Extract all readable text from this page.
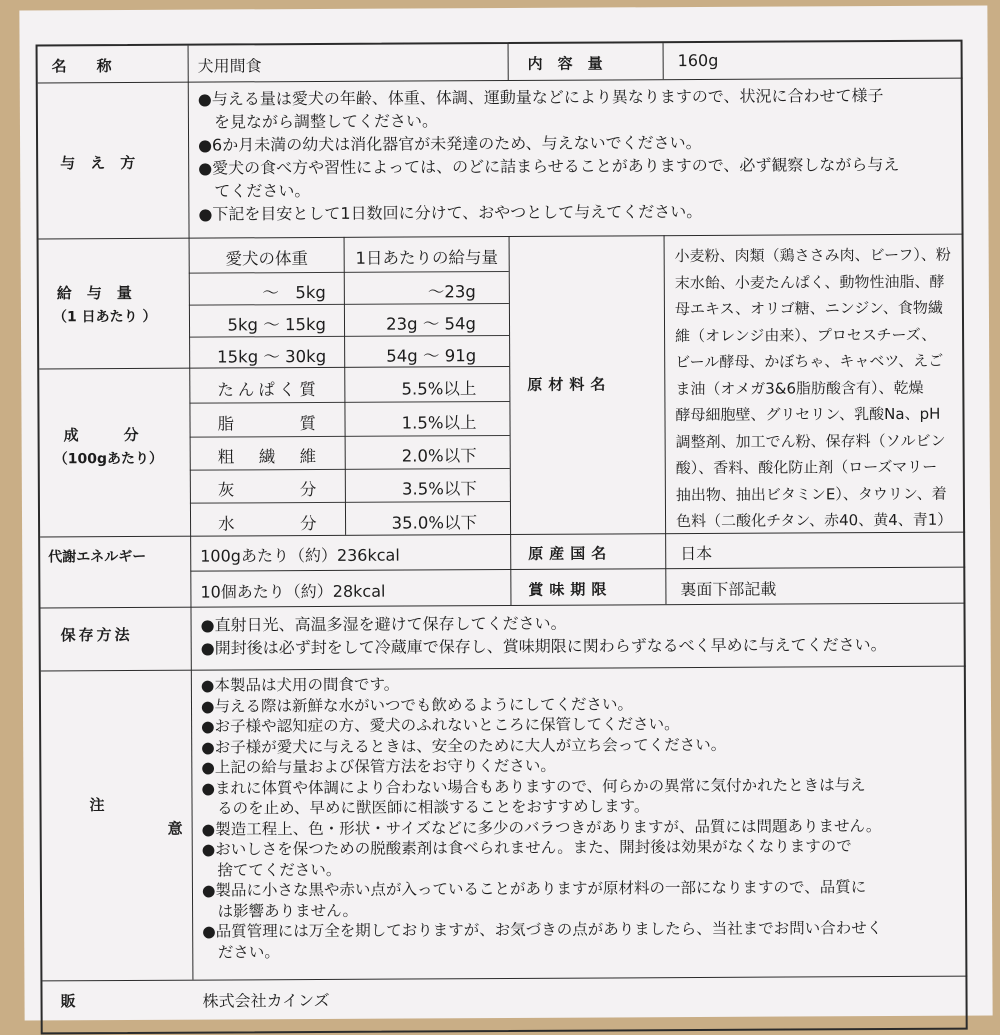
名　　称	犬用間食	内　容　量	160g
与　え　方
●与える量は愛犬の年齢、体重、体調、運動量などにより異なりますので、状況に合わせて様子
　を見ながら調整してください。
●6か月未満の幼犬は消化器官が未発達のため、与えないでください。
●愛犬の食べ方や習性によっては、のどに詰まらせることがありますので、必ず観察しながら与え
　てください。
●下記を目安として1日数回に分けて、おやつとして与えてください。
給　与　量
（1 日あたり ）
愛犬の体重	1日あたりの給与量
〜　5kg	〜23g
5kg 〜 15kg	23g 〜 54g
15kg 〜 30kg	54g 〜 91g
成　　　分
（100gあたり）
たんぱく質	5.5%以上
脂　　　質	1.5%以上
粗　繊　維	2.0%以下
灰　　　分	3.5%以下
水　　　分	35.0%以下
原材料名
小麦粉、肉類（鶏ささみ肉、ビーフ）、粉
末水飴、小麦たんぱく、動物性油脂、酵
母エキス、オリゴ糖、ニンジン、食物繊
維（オレンジ由来）、プロセスチーズ、
ビール酵母、かぼちゃ、キャベツ、えご
ま油（オメガ3&6脂肪酸含有）、乾燥
酵母細胞壁、グリセリン、乳酸Na、pH
調整剤、加工でん粉、保存料（ソルビン
酸）、香料、酸化防止剤（ローズマリー
抽出物、抽出ビタミンE）、タウリン、着
色料（二酸化チタン、赤40、黄4、青1）
代謝エネルギー	100gあたり（約）236kcal
10個あたり（約）28kcal
原産国名	日本
賞味期限	裏面下部記載
保存方法
●直射日光、高温多湿を避けて保存してください。
●開封後は必ず封をして冷蔵庫で保存し、賞味期限に関わらずなるべく早めに与えてください。
注
意
●本製品は犬用の間食です。
●与える際は新鮮な水がいつでも飲めるようにしてください。
●お子様や認知症の方、愛犬のふれないところに保管してください。
●お子様が愛犬に与えるときは、安全のために大人が立ち会ってください。
●上記の給与量および保管方法をお守りください。
●まれに体質や体調により合わない場合もありますので、何らかの異常に気付かれたときは与え
　るのを止め、早めに獣医師に相談することをおすすめします。
●製造工程上、色・形状・サイズなどに多少のバラつきがありますが、品質には問題ありません。
●おいしさを保つための脱酸素剤は食べられません。また、開封後は効果がなくなりますので
　捨ててください。
●製品に小さな黒や赤い点が入っていることがありますが原材料の一部になりますので、品質に
　は影響ありません。
●品質管理には万全を期しておりますが、お気づきの点がありましたら、当社までお問い合わせく
　ださい。
販	株式会社カインズ
